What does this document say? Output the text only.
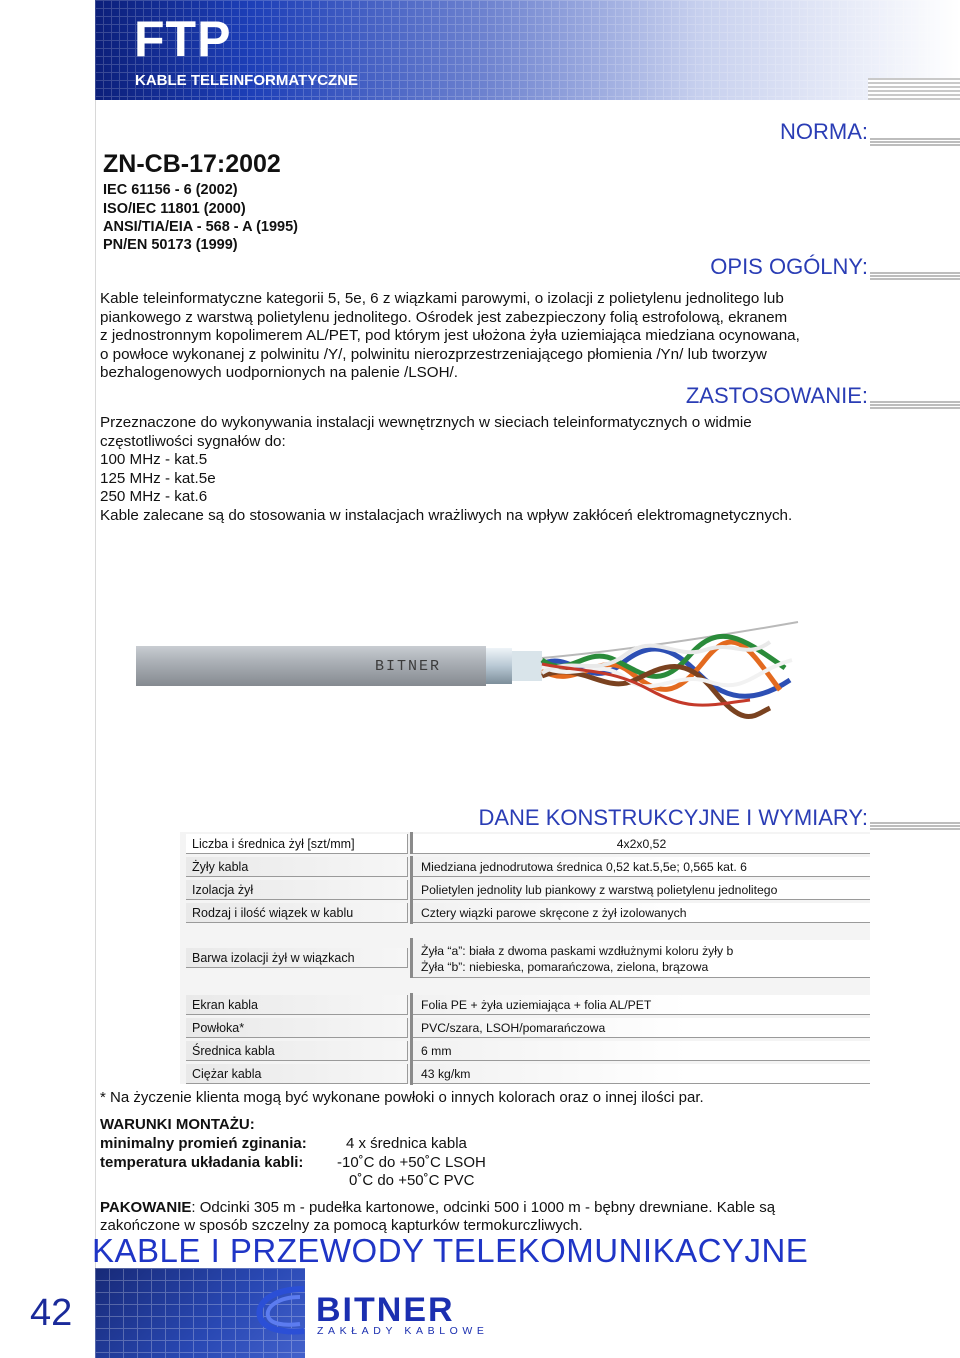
FTP
KABLE TELEINFORMATYCZNE
NORMA:
ZN-CB-17:2002
IEC 61156 - 6 (2002)
ISO/IEC 11801 (2000)
ANSI/TIA/EIA - 568 - A (1995)
PN/EN 50173 (1999)
OPIS OGÓLNY:
Kable teleinformatyczne kategorii 5, 5e, 6 z wiązkami parowymi, o izolacji z polietylenu jednolitego lub
piankowego z warstwą polietylenu jednolitego. Ośrodek jest zabezpieczony folią estrofolową, ekranem
z jednostronnym kopolimerem AL/PET, pod którym jest ułożona żyła uziemiająca miedziana ocynowana,
o powłoce wykonanej z polwinitu /Y/, polwinitu nierozprzestrzeniającego płomienia /Yn/ lub tworzyw
bezhalogenowych uodpornionych na palenie /LSOH/.
ZASTOSOWANIE:
Przeznaczone do wykonywania instalacji wewnętrznych w sieciach teleinformatycznych o widmie
częstotliwości sygnałów do:
100 MHz - kat.5
125 MHz - kat.5e
250 MHz - kat.6
Kable zalecane są do stosowania w instalacjach wrażliwych na wpływ zakłóceń elektromagnetycznych.
BITNER
DANE KONSTRUKCYJNE I WYMIARY:
Liczba i średnica żył [szt/mm]	4x2x0,52
Żyły kabla	Miedziana jednodrutowa średnica 0,52 kat.5,5e; 0,565 kat. 6
Izolacja żył	Polietylen jednolity lub piankowy z warstwą polietylenu jednolitego
Rodzaj i ilość wiązek w kablu	Cztery wiązki parowe skręcone z żył izolowanych
Barwa izolacji żył w wiązkach	Żyła “a”: biała z dwoma paskami wzdłużnymi koloru żyły b
Żyła “b”: niebieska, pomarańczowa, zielona, brązowa
Ekran kabla	Folia PE + żyła uziemiająca + folia AL/PET
Powłoka*	PVC/szara, LSOH/pomarańczowa
Średnica kabla	6 mm
Ciężar kabla	43 kg/km
* Na życzenie klienta mogą być wykonane powłoki o innych kolorach oraz o innej ilości par.
WARUNKI MONTAŻU:
minimalny promień zginania:	4 x średnica kabla
temperatura układania kabli: -10˚C do +50˚C LSOH
0˚C do +50˚C PVC
PAKOWANIE: Odcinki 305 m - pudełka kartonowe, odcinki 500 i 1000 m - bębny drewniane. Kable są
zakończone w sposób szczelny za pomocą kapturków termokurczliwych.
KABLE I PRZEWODY TELEKOMUNIKACYJNE
42	BITNER
ZAKŁADY KABLOWE
